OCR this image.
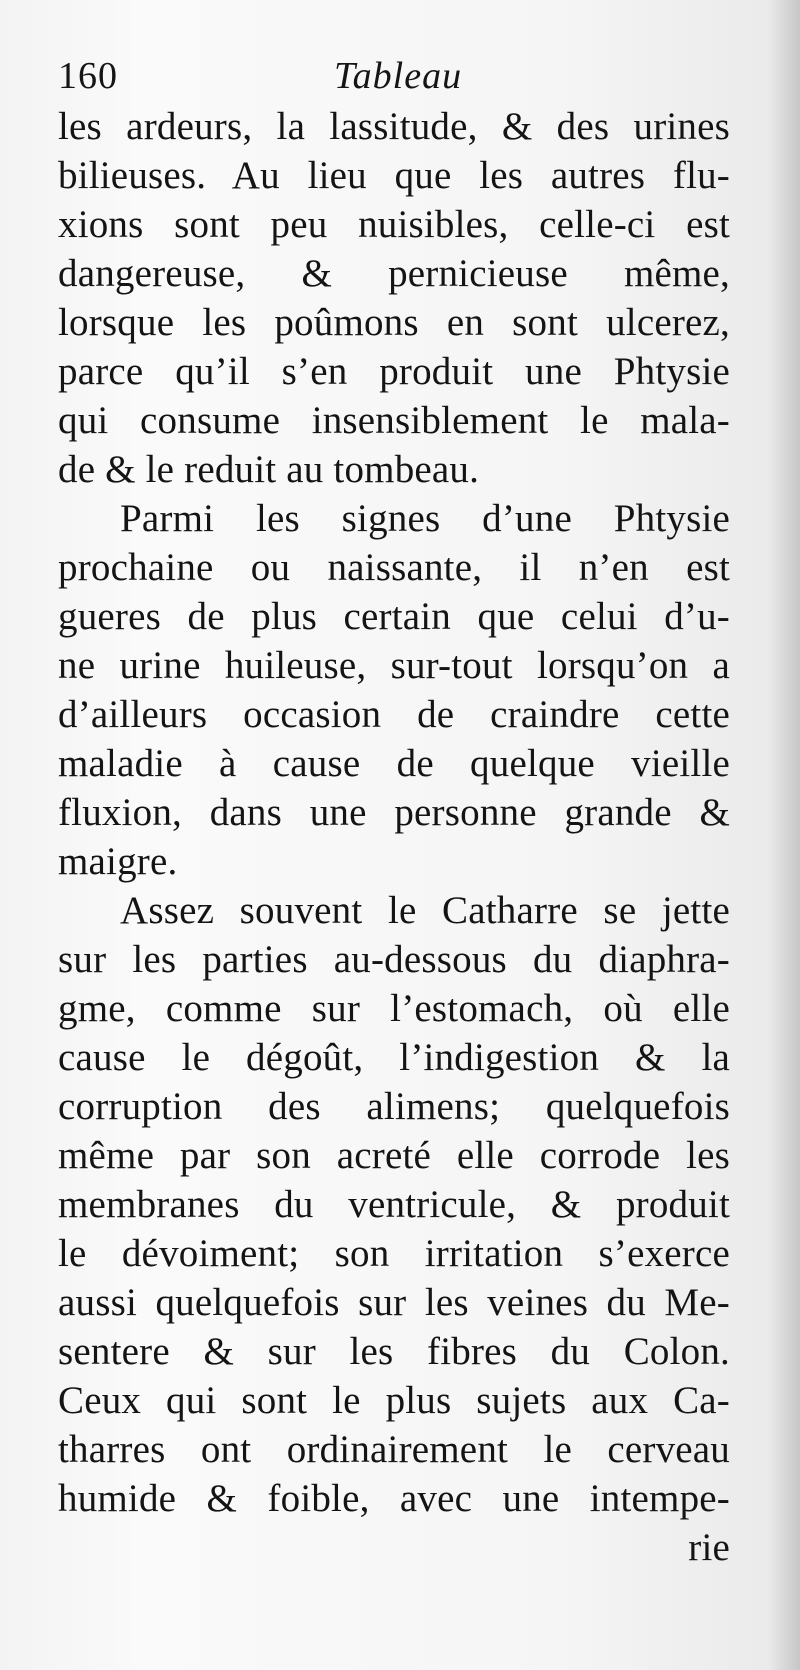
160	Tableau
les ardeurs, la lassitude, & des urines
bilieuses. Au lieu que les autres flu-
xions sont peu nuisibles, celle-ci est
dangereuse, & pernicieuse même,
lorsque les poûmons en sont ulcerez,
parce qu’il s’en produit une Phtysie
qui consume insensiblement le mala-
de & le reduit au tombeau.
Parmi les signes d’une Phtysie
prochaine ou naissante, il n’en est
gueres de plus certain que celui d’u-
ne urine huileuse, sur-tout lorsqu’on a
d’ailleurs occasion de craindre cette
maladie à cause de quelque vieille
fluxion, dans une personne grande &
maigre.
Assez souvent le Catharre se jette
sur les parties au-dessous du diaphra-
gme, comme sur l’estomach, où elle
cause le dégoût, l’indigestion & la
corruption des alimens; quelquefois
même par son acreté elle corrode les
membranes du ventricule, & produit
le dévoiment; son irritation s’exerce
aussi quelquefois sur les veines du Me-
sentere & sur les fibres du Colon.
Ceux qui sont le plus sujets aux Ca-
tharres ont ordinairement le cerveau
humide & foible, avec une intempe-
rie
